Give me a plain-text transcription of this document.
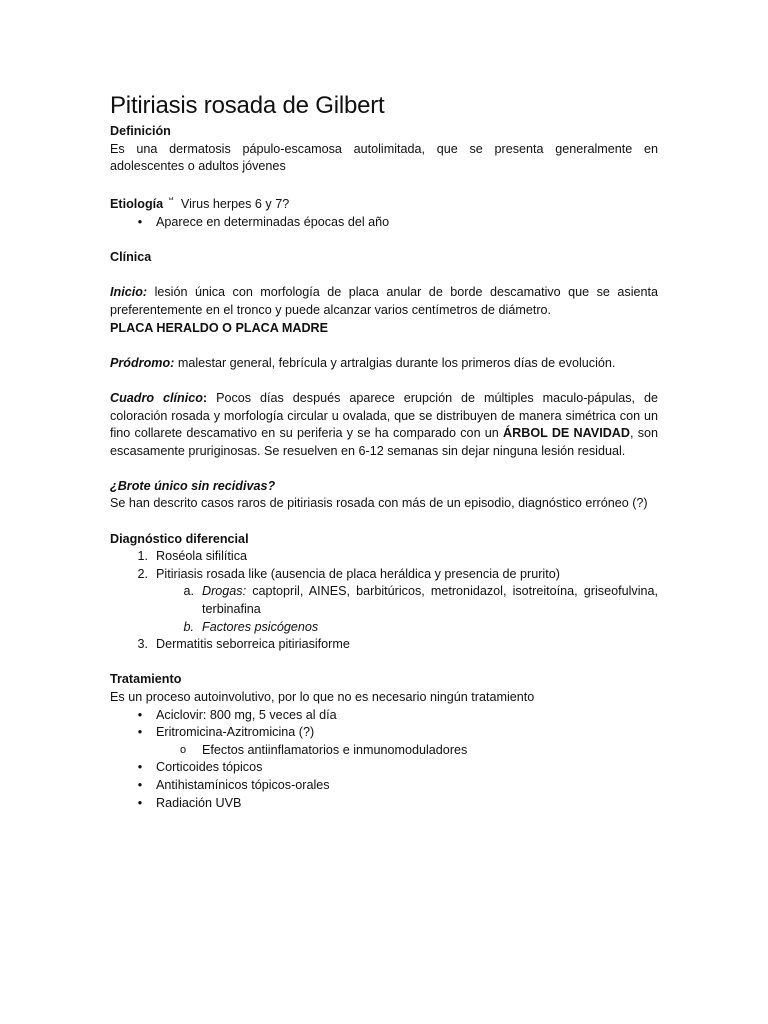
Pitiriasis rosada de Gilbert

Definición

Es una dermatosis pápulo-escamosa autolimitada, que se presenta generalmente en adolescentes o adultos jóvenes

Etiología $^ᄇ$ Virus herpes 6 y 7?

•	Aparece en determinadas épocas del año

Clínica

Inicio: lesión única con morfología de placa anular de borde descamativo que se asienta preferentemente en el tronco y puede alcanzar varios centímetros de diámetro.

PLACA HERALDO O PLACA MADRE

Pródromo: malestar general, febrícula y artralgias durante los primeros días de evolución.

Cuadro clínico: Pocos días después aparece erupción de múltiples maculo-pápulas, de coloración rosada y morfología circular u ovalada, que se distribuyen de manera simétrica con un fino collarete descamativo en su periferia y se ha comparado con un ÁRBOL DE NAVIDAD, son escasamente pruriginosas. Se resuelven en 6-12 semanas sin dejar ninguna lesión residual.

¿Brote único sin recidivas?

Se han descrito casos raros de pitiriasis rosada con más de un episodio, diagnóstico erróneo (?)

Diagnóstico diferencial

1. Roséola sifilítica
2. Pitiriasis rosada like (ausencia de placa heráldica y presencia de prurito)
a. Drogas: captopril, AINES, barbitúricos, metronidazol, isotreitoína, griseofulvina, terbinafina
b. Factores psicógenos
3. Dermatitis seborreica pitiriasiforme

Tratamiento

Es un proceso autoinvolutivo, por lo que no es necesario ningún tratamiento

•	Aciclovir: 800 mg, 5 veces al día
•	Eritromicina-Azitromicina (?)
o	Efectos antiinflamatorios e inmunomoduladores
•	Corticoides tópicos
•	Antihistamínicos tópicos-orales
•	Radiación UVB
